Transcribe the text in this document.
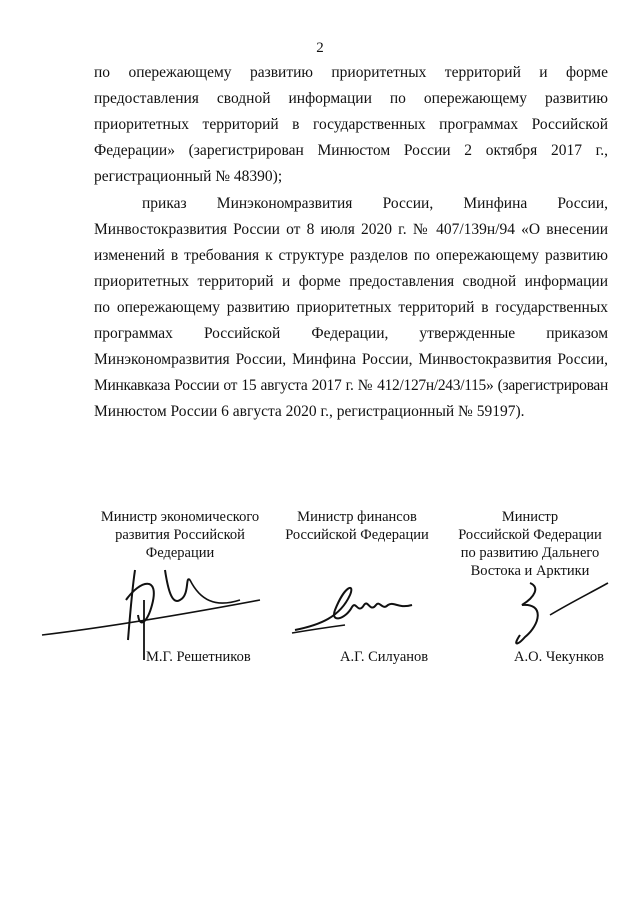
2
по опережающему развитию приоритетных территорий и форме
предоставления сводной информации по опережающему развитию
приоритетных территорий в государственных программах Российской
Федерации» (зарегистрирован Минюстом России 2 октября 2017 г.,
регистрационный № 48390);
приказ Минэкономразвития России, Минфина России,
Минвостокразвития России от 8 июля 2020 г. № 407/139н/94 «О внесении
изменений в требования к структуре разделов по опережающему развитию
приоритетных территорий и форме предоставления сводной информации
по опережающему развитию приоритетных территорий в государственных
программах Российской Федерации, утвержденные приказом
Минэкономразвития России, Минфина России, Минвостокразвития России,
Минкавказа России от 15 августа 2017 г. № 412/127н/243/115» (зарегистрирован
Минюстом России 6 августа 2020 г., регистрационный № 59197).
Министр экономического
развития Российской
Федерации
М.Г. Решетников
Министр финансов
Российской Федерации
А.Г. Силуанов
Министр
Российской Федерации
по развитию Дальнего
Востока и Арктики
А.О. Чекунков
